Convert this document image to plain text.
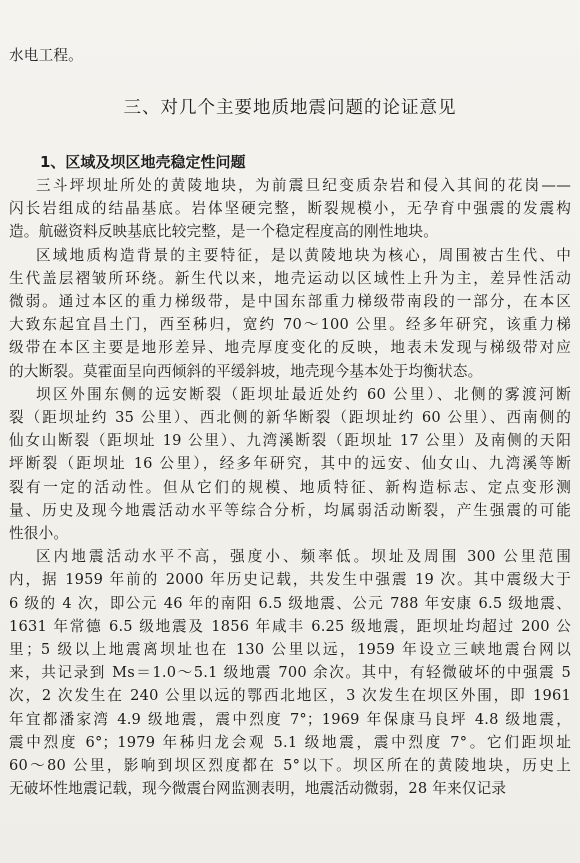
水电工程。
三、对几个主要地质地震问题的论证意见
1、区域及坝区地壳稳定性问题
三斗坪坝址所处的黄陵地块，为前震旦纪变质杂岩和侵入其间的花岗——
闪长岩组成的结晶基底。岩体坚硬完整，断裂规模小，无孕育中强震的发震构
造。航磁资料反映基底比较完整，是一个稳定程度高的刚性地块。
区域地质构造背景的主要特征，是以黄陵地块为核心，周围被古生代、中
生代盖层褶皱所环绕。新生代以来，地壳运动以区域性上升为主，差异性活动
微弱。通过本区的重力梯级带，是中国东部重力梯级带南段的一部分，在本区
大致东起宜昌土门，西至秭归，宽约 70～100 公里。经多年研究，该重力梯
级带在本区主要是地形差异、地壳厚度变化的反映，地表未发现与梯级带对应
的大断裂。莫霍面呈向西倾斜的平缓斜坡，地壳现今基本处于均衡状态。
坝区外围东侧的远安断裂（距坝址最近处约 60 公里）、北侧的雾渡河断
裂（距坝址约 35 公里）、西北侧的新华断裂（距坝址约 60 公里）、西南侧的
仙女山断裂（距坝址 19 公里）、九湾溪断裂（距坝址 17 公里）及南侧的天阳
坪断裂（距坝址 16 公里），经多年研究，其中的远安、仙女山、九湾溪等断
裂有一定的活动性。但从它们的规模、地质特征、新构造标志、定点变形测
量、历史及现今地震活动水平等综合分析，均属弱活动断裂，产生强震的可能
性很小。
区内地震活动水平不高，强度小、频率低。坝址及周围 300 公里范围
内，据 1959 年前的 2000 年历史记载，共发生中强震 19 次。其中震级大于
6 级的 4 次，即公元 46 年的南阳 6.5 级地震、公元 788 年安康 6.5 级地震、
1631 年常德 6.5 级地震及 1856 年咸丰 6.25 级地震，距坝址均超过 200 公
里；5 级以上地震离坝址也在 130 公里以远，1959 年设立三峡地震台网以
来，共记录到 Ms＝1.0～5.1 级地震 700 余次。其中，有轻微破坏的中强震 5
次，2 次发生在 240 公里以远的鄂西北地区，3 次发生在坝区外围，即 1961
年宜都潘家湾 4.9 级地震，震中烈度 7°；1969 年保康马良坪 4.8 级地震，
震中烈度 6°；1979 年秭归龙会观 5.1 级地震，震中烈度 7°。它们距坝址
60～80 公里，影响到坝区烈度都在 5°以下。坝区所在的黄陵地块，历史上
无破坏性地震记载，现今微震台网监测表明，地震活动微弱，28 年来仅记录
